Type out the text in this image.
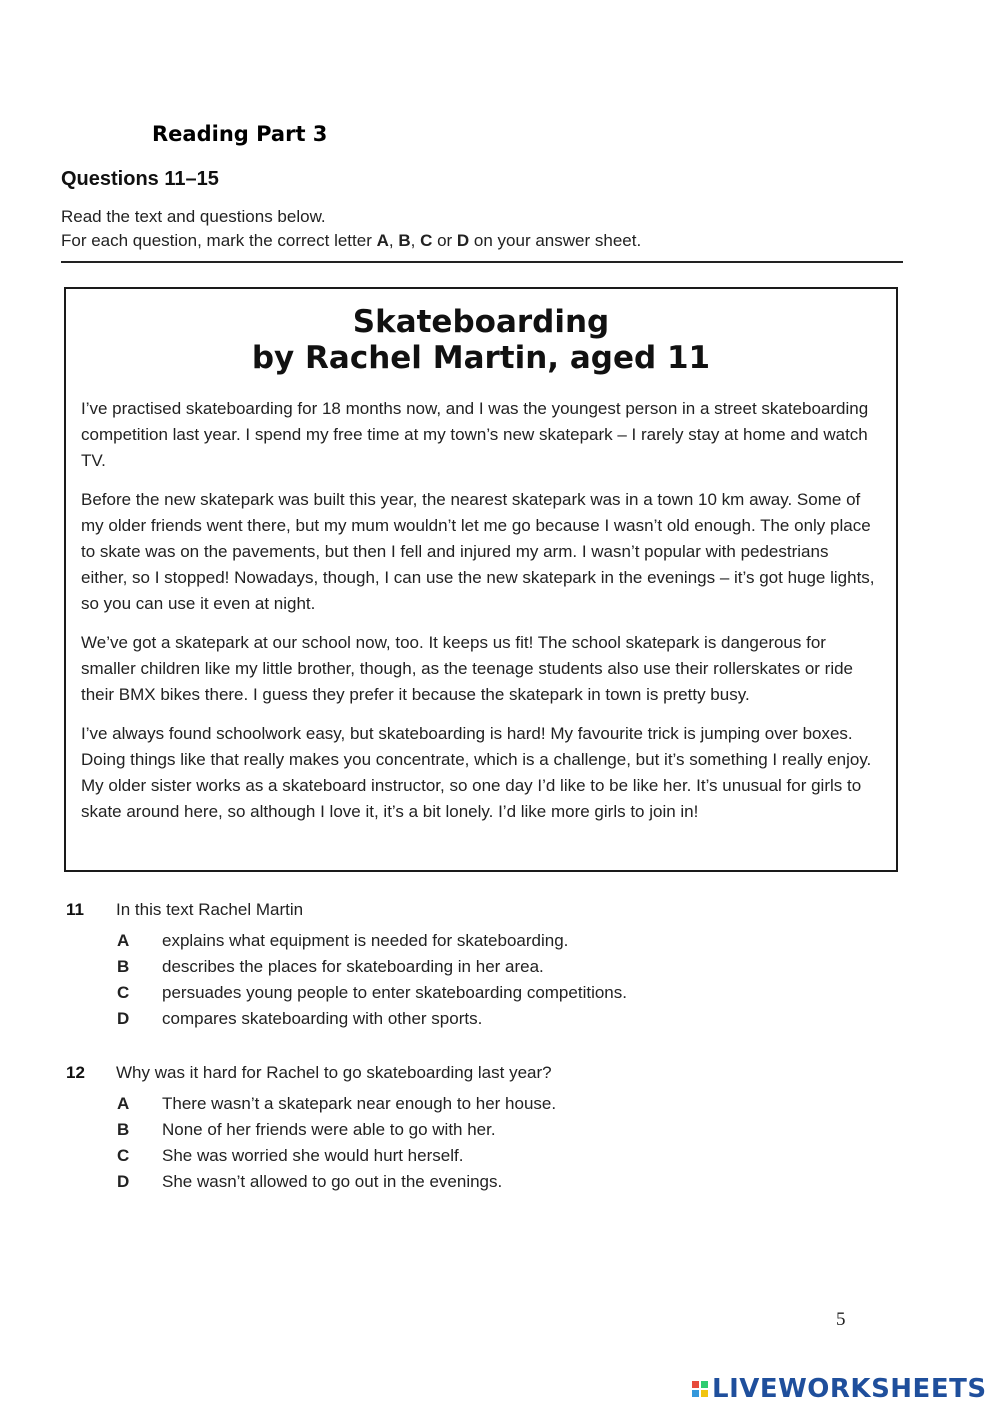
Reading Part 3
Questions 11–15
Read the text and questions below.
For each question, mark the correct letter A, B, C or D on your answer sheet.
Skateboarding
by Rachel Martin, aged 11

I’ve practised skateboarding for 18 months now, and I was the youngest person in a street skateboarding competition last year. I spend my free time at my town’s new skatepark – I rarely stay at home and watch TV.

Before the new skatepark was built this year, the nearest skatepark was in a town 10 km away. Some of my older friends went there, but my mum wouldn’t let me go because I wasn’t old enough. The only place to skate was on the pavements, but then I fell and injured my arm. I wasn’t popular with pedestrians either, so I stopped! Nowadays, though, I can use the new skatepark in the evenings – it’s got huge lights, so you can use it even at night.

We’ve got a skatepark at our school now, too. It keeps us fit! The school skatepark is dangerous for smaller children like my little brother, though, as the teenage students also use their rollerskates or ride their BMX bikes there. I guess they prefer it because the skatepark in town is pretty busy.

I’ve always found schoolwork easy, but skateboarding is hard! My favourite trick is jumping over boxes. Doing things like that really makes you concentrate, which is a challenge, but it’s something I really enjoy. My older sister works as a skateboard instructor, so one day I’d like to be like her. It’s unusual for girls to skate around here, so although I love it, it’s a bit lonely. I’d like more girls to join in!

11	In this text Rachel Martin
A	explains what equipment is needed for skateboarding.
B	describes the places for skateboarding in her area.
C	persuades young people to enter skateboarding competitions.
D	compares skateboarding with other sports.
12	Why was it hard for Rachel to go skateboarding last year?
A	There wasn’t a skatepark near enough to her house.
B	None of her friends were able to go with her.
C	She was worried she would hurt herself.
D	She wasn’t allowed to go out in the evenings.
5
LIVEWORKSHEETS
